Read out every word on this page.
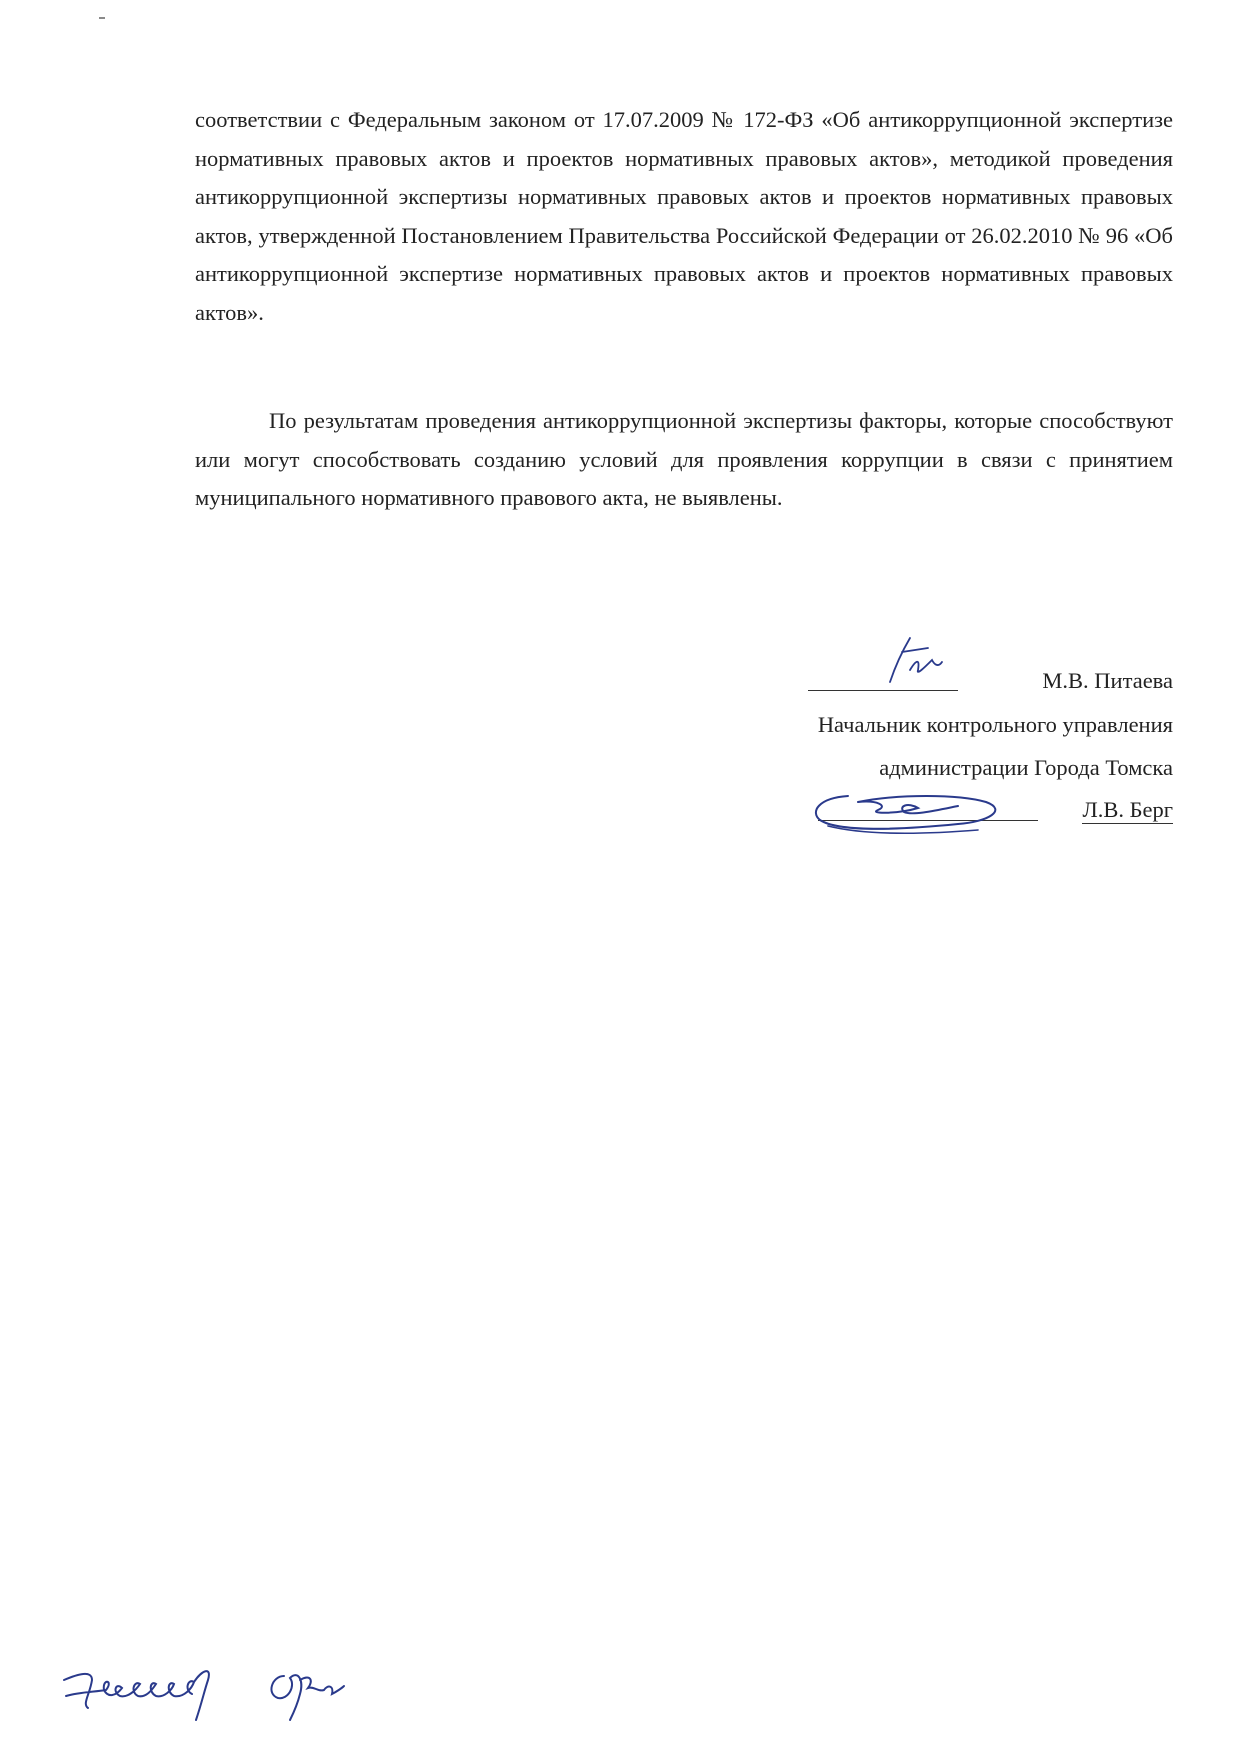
соответствии с Федеральным законом от 17.07.2009 № 172-ФЗ «Об антикоррупционной экспертизе нормативных правовых актов и проектов нормативных правовых актов», методикой проведения антикоррупционной экспертизы нормативных правовых актов и проектов нормативных правовых актов, утвержденной Постановлением Правительства Российской Федерации от 26.02.2010 № 96 «Об антикоррупционной экспертизе нормативных правовых актов и проектов нормативных правовых актов».

По результатам проведения антикоррупционной экспертизы факторы, которые способствуют или могут способствовать созданию условий для проявления коррупции в связи с принятием муниципального нормативного правового акта, не выявлены.

М.В. Питаева
Начальник контрольного управления
администрации Города Томска
Л.В. Берг
